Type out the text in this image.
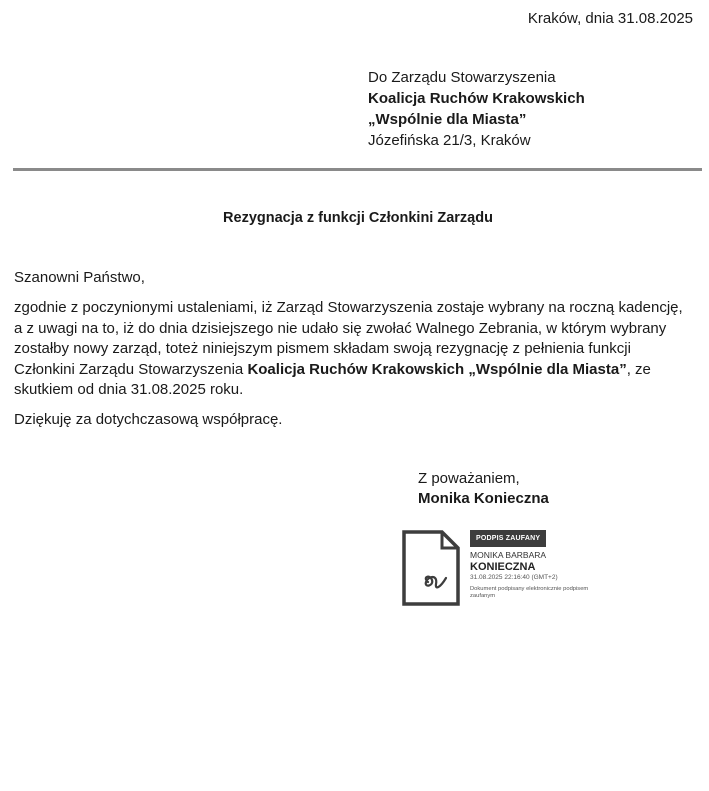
Kraków, dnia 31.08.2025
Do Zarządu Stowarzyszenia
Koalicja Ruchów Krakowskich
„Wspólnie dla Miasta”
Józefińska 21/3, Kraków
Rezygnacja z funkcji Członkini Zarządu
Szanowni Państwo,
zgodnie z poczynionymi ustaleniami, iż Zarząd Stowarzyszenia zostaje wybrany na roczną kadencję, a z uwagi na to, iż do dnia dzisiejszego nie udało się zwołać Walnego Zebrania, w którym wybrany zostałby nowy zarząd, toteż niniejszym pismem składam swoją rezygnację z pełnienia funkcji Członkini Zarządu Stowarzyszenia Koalicja Ruchów Krakowskich „Wspólnie dla Miasta”, ze skutkiem od dnia 31.08.2025 roku.
Dziękuję za dotychczasową współpracę.
Z poważaniem,
Monika Konieczna
PODPIS ZAUFANY
MONIKA BARBARA
KONIECZNA
31.08.2025 22:16:40 (GMT+2)
Dokument podpisany elektronicznie podpisem zaufanym
